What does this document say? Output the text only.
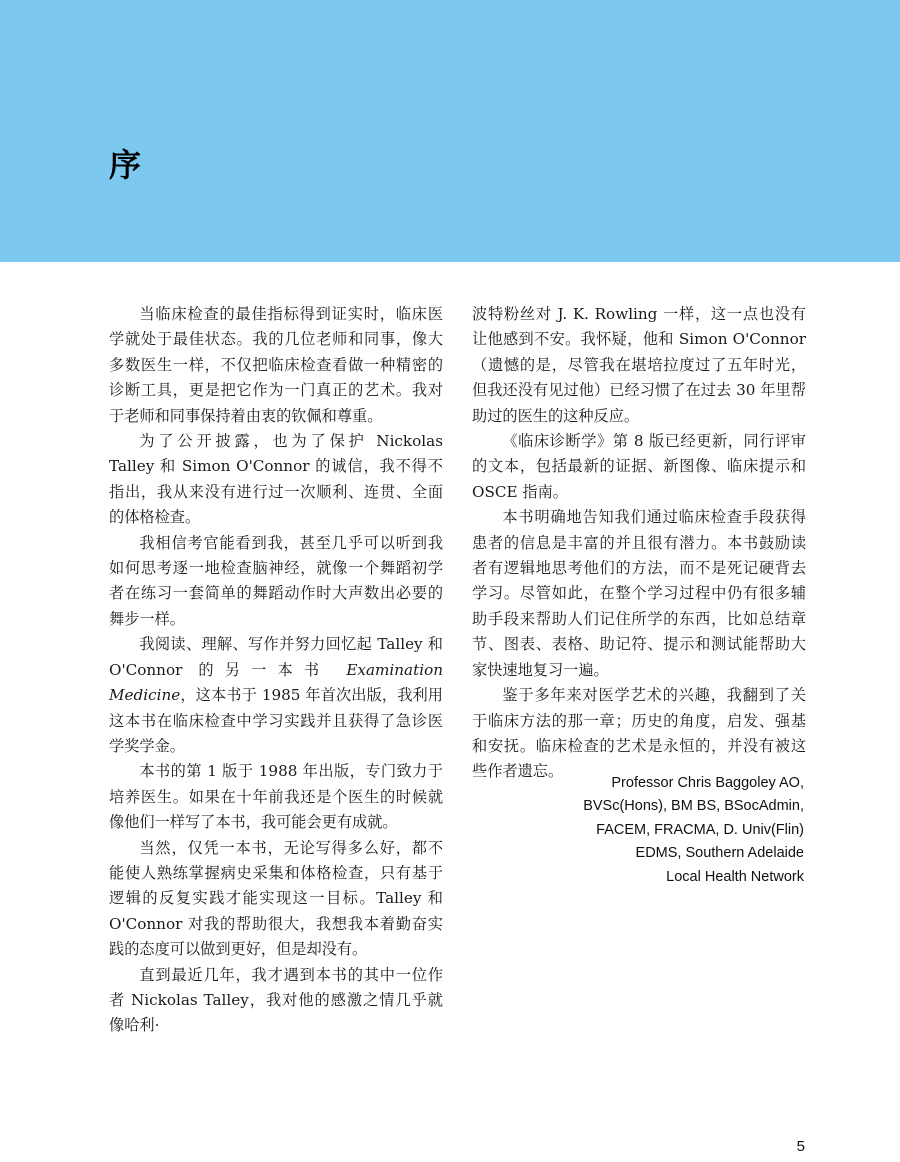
序

当临床检查的最佳指标得到证实时，临床医学就处于最佳状态。我的几位老师和同事，像大多数医生一样，不仅把临床检查看做一种精密的诊断工具，更是把它作为一门真正的艺术。我对于老师和同事保持着由衷的钦佩和尊重。

为了公开披露，也为了保护 Nickolas Talley 和 Simon O'Connor 的诚信，我不得不指出，我从来没有进行过一次顺利、连贯、全面的体格检查。

我相信考官能看到我，甚至几乎可以听到我如何思考逐一地检查脑神经，就像一个舞蹈初学者在练习一套简单的舞蹈动作时大声数出必要的舞步一样。

我阅读、理解、写作并努力回忆起 Talley 和 O'Connor 的另一本书 Examination Medicine，这本书于 1985 年首次出版，我利用这本书在临床检查中学习实践并且获得了急诊医学奖学金。

本书的第 1 版于 1988 年出版，专门致力于培养医生。如果在十年前我还是个医生的时候就像他们一样写了本书，我可能会更有成就。

当然，仅凭一本书，无论写得多么好，都不能使人熟练掌握病史采集和体格检查，只有基于逻辑的反复实践才能实现这一目标。Talley 和 O'Connor 对我的帮助很大，我想我本着勤奋实践的态度可以做到更好，但是却没有。

直到最近几年，我才遇到本书的其中一位作者 Nickolas Talley，我对他的感激之情几乎就像哈利·

波特粉丝对 J. K. Rowling 一样，这一点也没有让他感到不安。我怀疑，他和 Simon O'Connor（遗憾的是，尽管我在堪培拉度过了五年时光，但我还没有见过他）已经习惯了在过去 30 年里帮助过的医生的这种反应。

《临床诊断学》第 8 版已经更新，同行评审的文本，包括最新的证据、新图像、临床提示和 OSCE 指南。

本书明确地告知我们通过临床检查手段获得患者的信息是丰富的并且很有潜力。本书鼓励读者有逻辑地思考他们的方法，而不是死记硬背去学习。尽管如此，在整个学习过程中仍有很多辅助手段来帮助人们记住所学的东西，比如总结章节、图表、表格、助记符、提示和测试能帮助大家快速地复习一遍。

鉴于多年来对医学艺术的兴趣，我翻到了关于临床方法的那一章；历史的角度，启发、强基和安抚。临床检查的艺术是永恒的，并没有被这些作者遗忘。

Professor Chris Baggoley AO,
BVSc(Hons), BM BS, BSocAdmin,
FACEM, FRACMA, D. Univ(Flin)
EDMS, Southern Adelaide
Local Health Network
5
